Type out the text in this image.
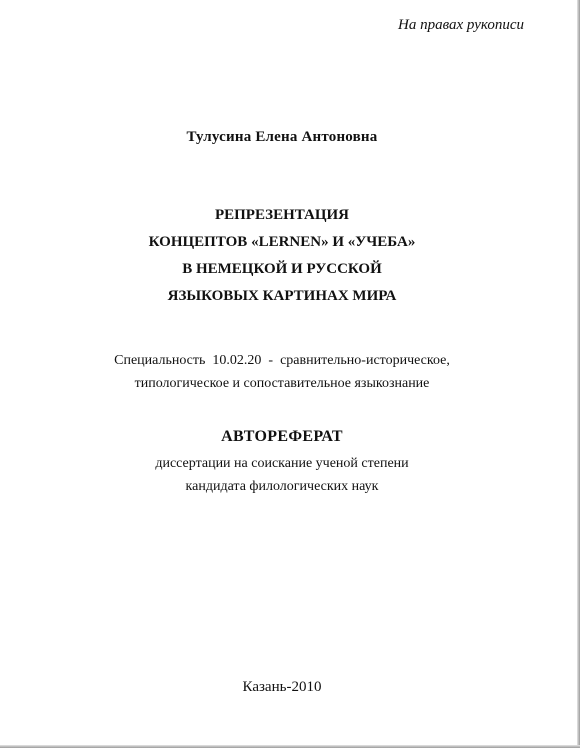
На правах рукописи
Тулусина Елена Антоновна
РЕПРЕЗЕНТАЦИЯ
КОНЦЕПТОВ «LERNEN» И «УЧЕБА»
В НЕМЕЦКОЙ И РУССКОЙ
ЯЗЫКОВЫХ КАРТИНАХ МИРА
Специальность  10.02.20  -  сравнительно-историческое,
типологическое и сопоставительное языкознание
АВТОРЕФЕРАТ
диссертации на соискание ученой степени
кандидата филологических наук
Казань-2010
